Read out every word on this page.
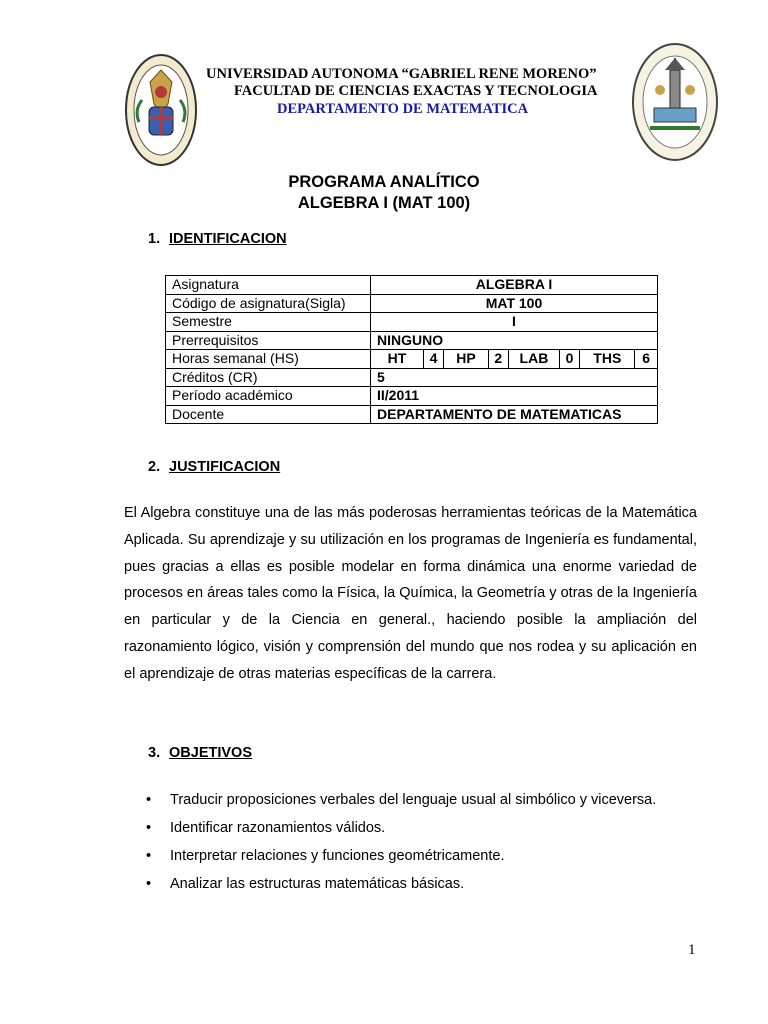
UNIVERSIDAD AUTONOMA “GABRIEL RENE MORENO”
FACULTAD DE CIENCIAS EXACTAS Y TECNOLOGIA
DEPARTAMENTO DE MATEMATICA
PROGRAMA ANALÍTICO
ALGEBRA I (MAT 100)
1. IDENTIFICACION
Asignatura	ALGEBRA I
Código de asignatura(Sigla)	MAT 100
Semestre	I
Prerrequisitos	NINGUNO
Horas semanal (HS)		HT	4	HP	2	LAB	0	THS	6

Créditos (CR)	5
Período académico	II/2011
Docente	DEPARTAMENTO DE MATEMATICAS
2. JUSTIFICACION
El Algebra constituye una de las más poderosas herramientas teóricas de la Matemática Aplicada. Su aprendizaje y su utilización en los programas de Ingeniería es fundamental, pues gracias a ellas es posible modelar en forma dinámica una enorme variedad de procesos en áreas tales como la Física, la Química, la Geometría y otras de la Ingeniería en particular y de la Ciencia en general., haciendo posible la ampliación del razonamiento lógico, visión y comprensión del mundo que nos rodea y su aplicación en el aprendizaje de otras materias específicas de la carrera.
3. OBJETIVOS
• Traducir proposiciones verbales del lenguaje usual al simbólico y viceversa.
• Identificar razonamientos válidos.
• Interpretar relaciones y funciones geométricamente.
• Analizar las estructuras matemáticas básicas.
1
